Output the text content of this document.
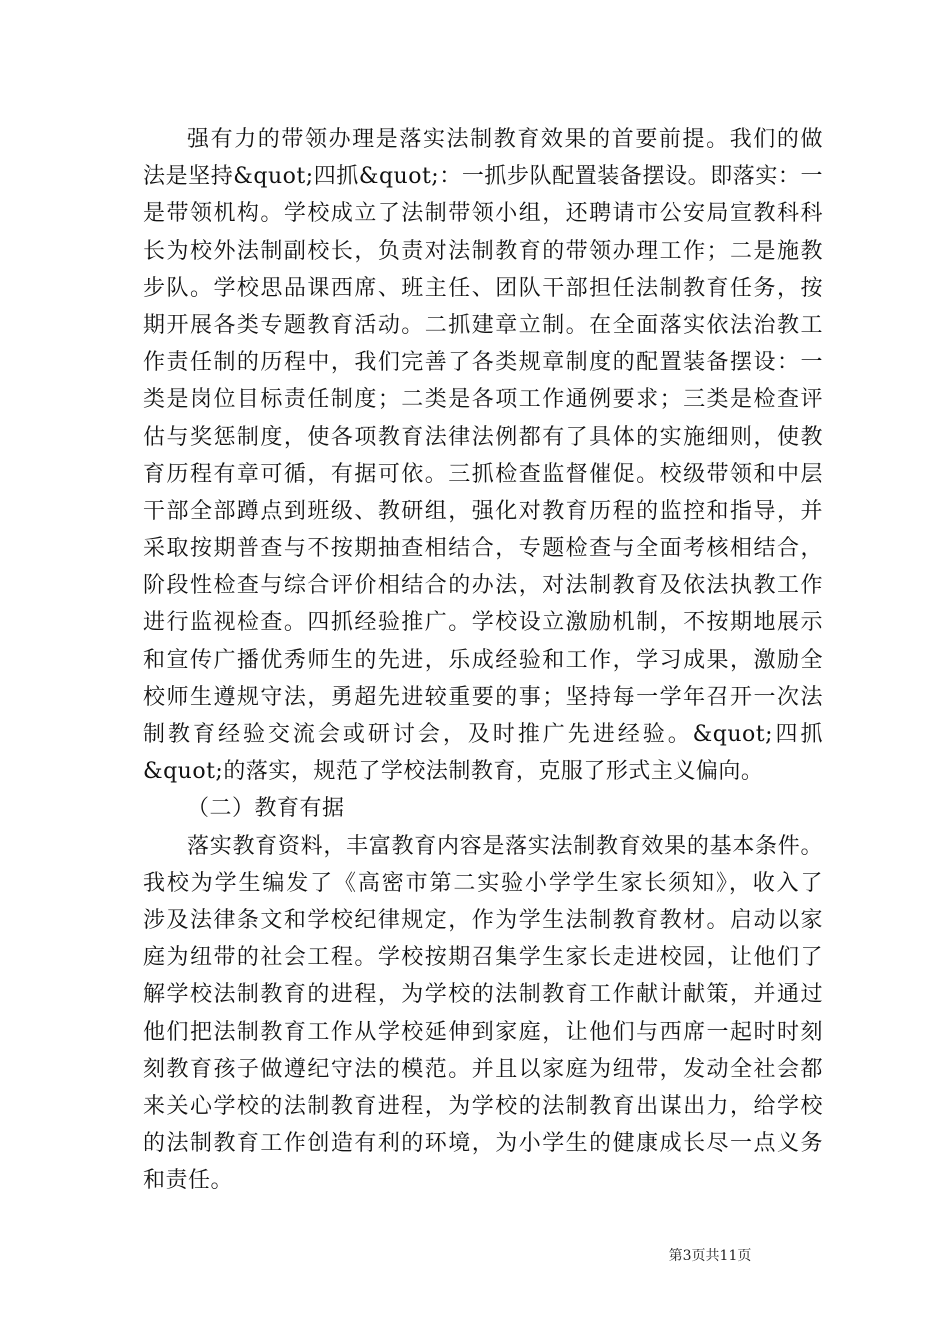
强有力的带领办理是落实法制教育效果的首要前提。我们的做
法是坚持&quot;四抓&quot;：一抓步队配置装备摆设。即落实：一
是带领机构。学校成立了法制带领小组，还聘请市公安局宣教科科
长为校外法制副校长，负责对法制教育的带领办理工作；二是施教
步队。学校思品课西席、班主任、团队干部担任法制教育任务，按
期开展各类专题教育活动。二抓建章立制。在全面落实依法治教工
作责任制的历程中，我们完善了各类规章制度的配置装备摆设：一
类是岗位目标责任制度；二类是各项工作通例要求；三类是检查评
估与奖惩制度，使各项教育法律法例都有了具体的实施细则，使教
育历程有章可循，有据可依。三抓检查监督催促。校级带领和中层
干部全部蹲点到班级、教研组，强化对教育历程的监控和指导，并
采取按期普查与不按期抽查相结合，专题检查与全面考核相结合，
阶段性检查与综合评价相结合的办法，对法制教育及依法执教工作
进行监视检查。四抓经验推广。学校设立激励机制，不按期地展示
和宣传广播优秀师生的先进，乐成经验和工作，学习成果，激励全
校师生遵规守法，勇超先进较重要的事；坚持每一学年召开一次法
制教育经验交流会或研讨会，及时推广先进经验。&quot;四抓
&quot;的落实，规范了学校法制教育，克服了形式主义偏向。
（二）教育有据
落实教育资料，丰富教育内容是落实法制教育效果的基本条件。
我校为学生编发了《高密市第二实验小学学生家长须知》，收入了
涉及法律条文和学校纪律规定，作为学生法制教育教材。启动以家
庭为纽带的社会工程。学校按期召集学生家长走进校园，让他们了
解学校法制教育的进程，为学校的法制教育工作献计献策，并通过
他们把法制教育工作从学校延伸到家庭，让他们与西席一起时时刻
刻教育孩子做遵纪守法的模范。并且以家庭为纽带，发动全社会都
来关心学校的法制教育进程，为学校的法制教育出谋出力，给学校
的法制教育工作创造有利的环境，为小学生的健康成长尽一点义务
和责任。
第3页共11页
